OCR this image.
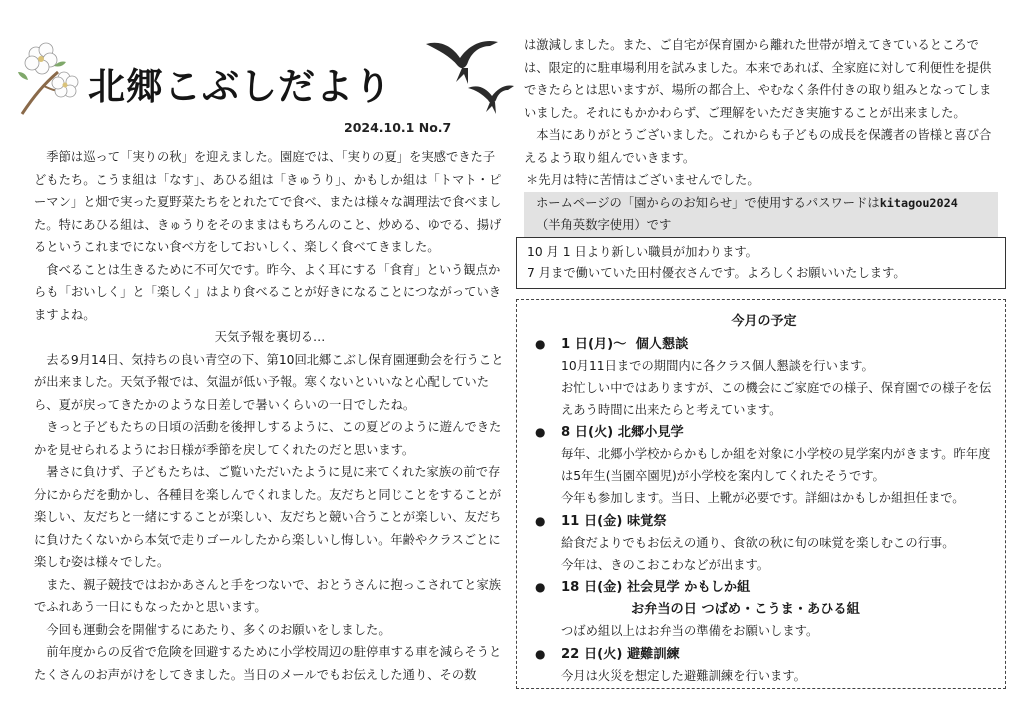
北郷こぶしだより
2024.10.1 No.7

季節は巡って「実りの秋」を迎えました。園庭では、「実りの夏」を実感できた子どもたち。こうま組は「なす」、あひる組は「きゅうり」、かもしか組は「トマト・ピーマン」と畑で実った夏野菜たちをとれたてで食べ、または様々な調理法で食べました。特にあひる組は、きゅうりをそのままはもちろんのこと、炒める、ゆでる、揚げるというこれまでにない食べ方をしておいしく、楽しく食べてきました。

食べることは生きるために不可欠です。昨今、よく耳にする「食育」という観点からも「おいしく」と「楽しく」はより食べることが好きになることにつながっていきますよね。

天気予報を裏切る…

去る9月14日、気持ちの良い青空の下、第10回北郷こぶし保育園運動会を行うことが出来ました。天気予報では、気温が低い予報。寒くないといいなと心配していたら、夏が戻ってきたかのような日差しで暑いくらいの一日でしたね。

きっと子どもたちの日頃の活動を後押しするように、この夏どのように遊んできたかを見せられるようにお日様が季節を戻してくれたのだと思います。

暑さに負けず、子どもたちは、ご覧いただいたように見に来てくれた家族の前で存分にからだを動かし、各種目を楽しんでくれました。友だちと同じことをすることが楽しい、友だちと一緒にすることが楽しい、友だちと競い合うことが楽しい、友だちに負けたくないから本気で走りゴールしたから楽しいし悔しい。年齢やクラスごとに楽しむ姿は様々でした。

また、親子競技ではおかあさんと手をつないで、おとうさんに抱っこされてと家族でふれあう一日にもなったかと思います。

今回も運動会を開催するにあたり、多くのお願いをしました。

前年度からの反省で危険を回避するために小学校周辺の駐停車する車を減らそうとたくさんのお声がけをしてきました。当日のメールでもお伝えした通り、その数

は激減しました。また、ご自宅が保育園から離れた世帯が増えてきているところでは、限定的に駐車場利用を試みました。本来であれば、全家庭に対して利便性を提供できたらとは思いますが、場所の都合上、やむなく条件付きの取り組みとなってしまいました。それにもかかわらず、ご理解をいただき実施することが出来ました。

本当にありがとうございました。これからも子どもの成長を保護者の皆様と喜び合えるよう取り組んでいきます。

＊先月は特に苦情はございませんでした。

ホームページの「園からのお知らせ」で使用するパスワードはkitagou2024

（半角英数字使用）です

10 月 1 日より新しい職員が加わります。

7 月まで働いていた田村優衣さんです。よろしくお願いいたします。

今月の予定

●	1 日(月)～
個人懇談

10月11日までの期間内に各クラス個人懇談を行います。

お忙しい中ではありますが、この機会にご家庭での様子、保育園での様子を伝えあう時間に出来たらと考えています。

●	8 日(火)
北郷小見学

毎年、北郷小学校からかもしか組を対象に小学校の見学案内がきます。昨年度は5年生(当園卒園児)が小学校を案内してくれたそうです。

今年も参加します。当日、上靴が必要です。詳細はかもしか組担任まで。

●	11 日(金)
味覚祭

給食だよりでもお伝えの通り、食欲の秋に旬の味覚を楽しむこの行事。

今年は、きのこおこわなどが出ます。

●	18 日(金)
社会見学 かもしか組

お弁当の日 つばめ・こうま・あひる組

つばめ組以上はお弁当の準備をお願いします。

●	22 日(火)
避難訓練

今月は火災を想定した避難訓練を行います。
